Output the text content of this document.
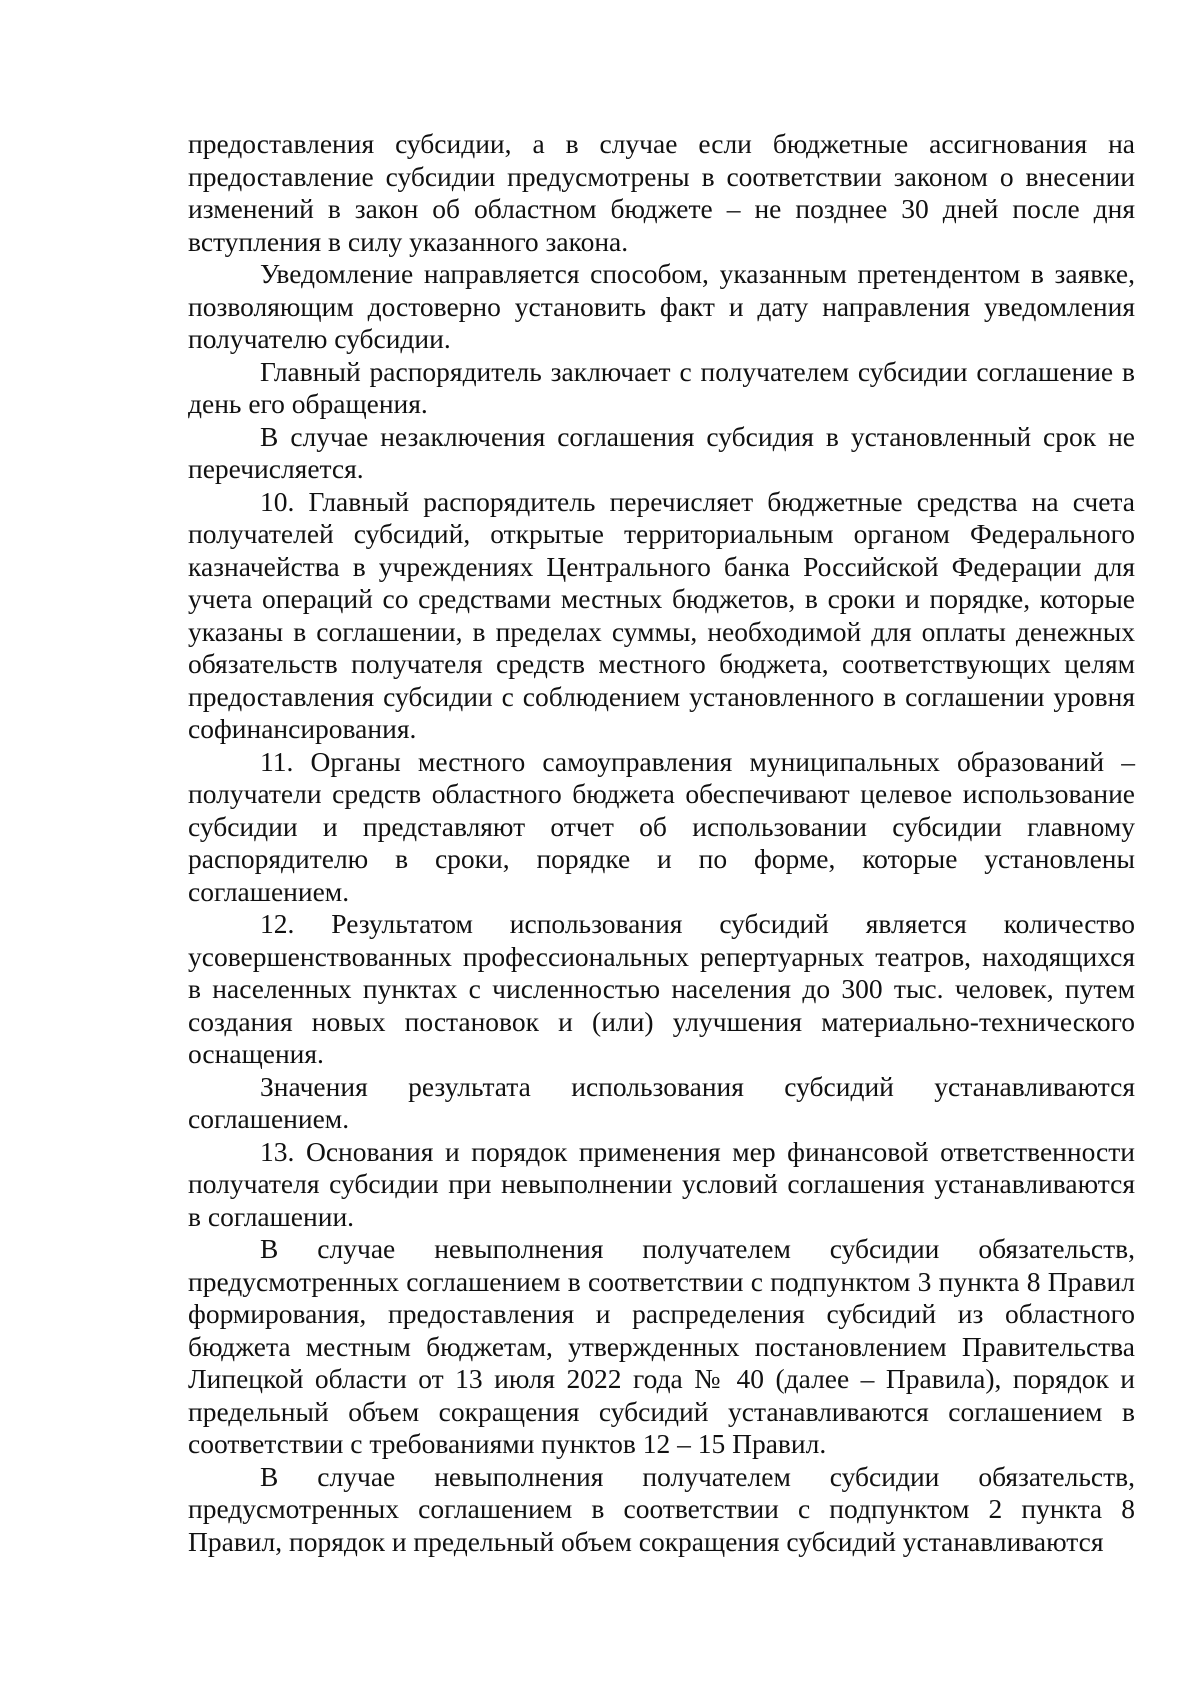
предоставления субсидии, а в случае если бюджетные ассигнования на предоставление субсидии предусмотрены в соответствии законом о внесении изменений в закон об областном бюджете – не позднее 30 дней после дня вступления в силу указанного закона.

Уведомление направляется способом, указанным претендентом в заявке, позволяющим достоверно установить факт и дату направления уведомления получателю субсидии.

Главный распорядитель заключает с получателем субсидии соглашение в день его обращения.

В случае незаключения соглашения субсидия в установленный срок не перечисляется.

10. Главный распорядитель перечисляет бюджетные средства на счета получателей субсидий, открытые территориальным органом Федерального казначейства в учреждениях Центрального банка Российской Федерации для учета операций со средствами местных бюджетов, в сроки и порядке, которые указаны в соглашении, в пределах суммы, необходимой для оплаты денежных обязательств получателя средств местного бюджета, соответствующих целям предоставления субсидии с соблюдением установленного в соглашении уровня софинансирования.

11. Органы местного самоуправления муниципальных образований – получатели средств областного бюджета обеспечивают целевое использование субсидии и представляют отчет об использовании субсидии главному распорядителю в сроки, порядке и по форме, которые установлены соглашением.

12. Результатом использования субсидий является количество усовершенствованных профессиональных репертуарных театров, находящихся в населенных пунктах с численностью населения до 300 тыс. человек, путем создания новых постановок и (или) улучшения материально-технического оснащения.

Значения результата использования субсидий устанавливаются соглашением.

13. Основания и порядок применения мер финансовой ответственности получателя субсидии при невыполнении условий соглашения устанавливаются в соглашении.

В случае невыполнения получателем субсидии обязательств, предусмотренных соглашением в соответствии с подпунктом 3 пункта 8 Правил формирования, предоставления и распределения субсидий из областного бюджета местным бюджетам, утвержденных постановлением Правительства Липецкой области от 13 июля 2022 года № 40 (далее – Правила), порядок и предельный объем сокращения субсидий устанавливаются соглашением в соответствии с требованиями пунктов 12 – 15 Правил.

В случае невыполнения получателем субсидии обязательств, предусмотренных соглашением в соответствии с подпунктом 2 пункта 8 Правил, порядок и предельный объем сокращения субсидий устанавливаются
